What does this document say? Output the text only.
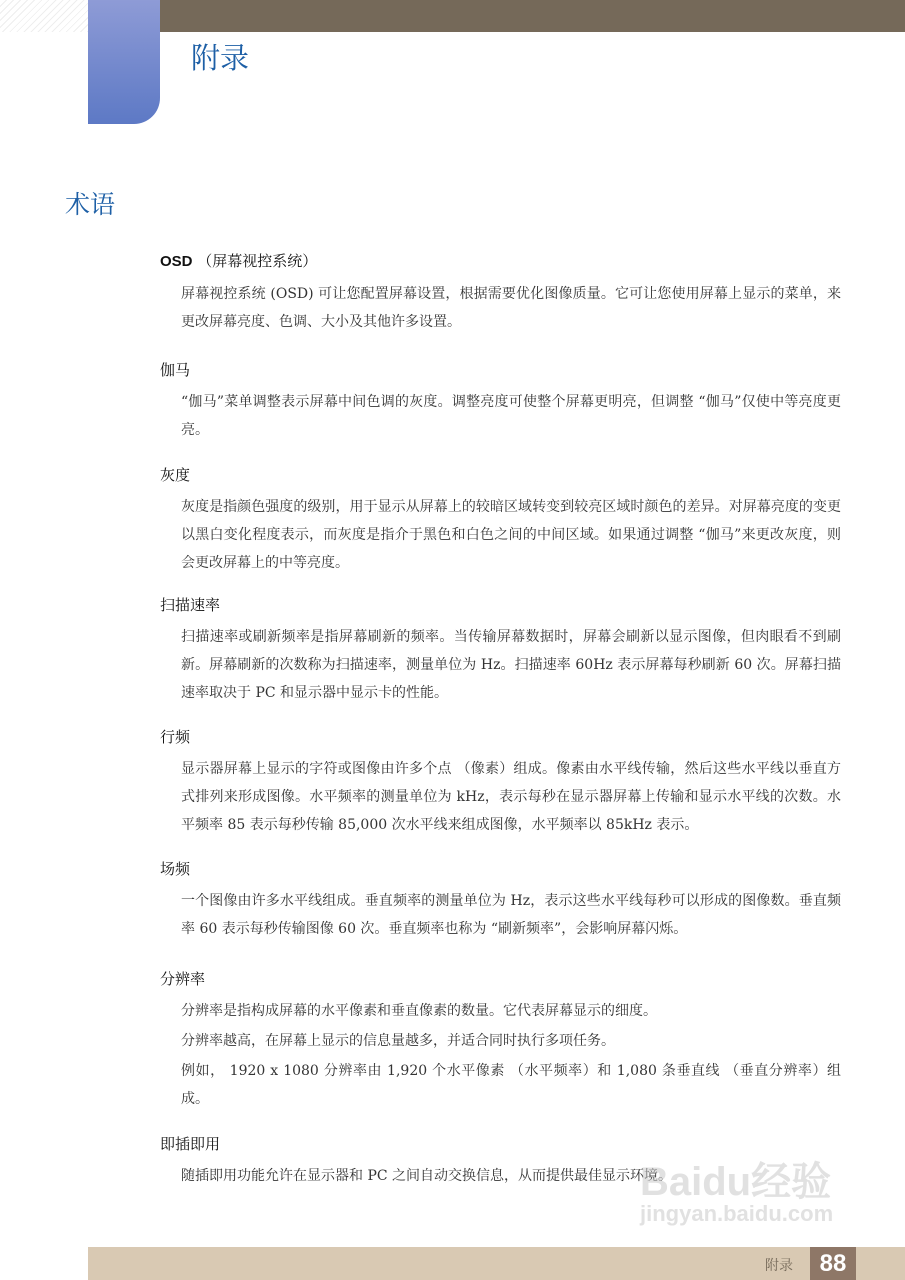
附录
术语
OSD （屏幕视控系统）

屏幕视控系统 (OSD) 可让您配置屏幕设置，根据需要优化图像质量。它可让您使用屏幕上显示的菜单，来更改屏幕亮度、色调、大小及其他许多设置。

伽马

“伽马”菜单调整表示屏幕中间色调的灰度。调整亮度可使整个屏幕更明亮，但调整 “伽马”仅使中等亮度更亮。

灰度

灰度是指颜色强度的级别，用于显示从屏幕上的较暗区域转变到较亮区域时颜色的差异。对屏幕亮度的变更以黑白变化程度表示，而灰度是指介于黑色和白色之间的中间区域。如果通过调整 “伽马”来更改灰度，则会更改屏幕上的中等亮度。

扫描速率

扫描速率或刷新频率是指屏幕刷新的频率。当传输屏幕数据时，屏幕会刷新以显示图像，但肉眼看不到刷新。屏幕刷新的次数称为扫描速率，测量单位为 Hz。扫描速率 60Hz 表示屏幕每秒刷新 60 次。屏幕扫描速率取决于 PC 和显示器中显示卡的性能。

行频

显示器屏幕上显示的字符或图像由许多个点 （像素）组成。像素由水平线传输，然后这些水平线以垂直方式排列来形成图像。水平频率的测量单位为 kHz，表示每秒在显示器屏幕上传输和显示水平线的次数。水平频率 85 表示每秒传输 85,000 次水平线来组成图像，水平频率以 85kHz 表示。

场频

一个图像由许多水平线组成。垂直频率的测量单位为 Hz，表示这些水平线每秒可以形成的图像数。垂直频率 60 表示每秒传输图像 60 次。垂直频率也称为 “刷新频率”，会影响屏幕闪烁。

分辨率

分辨率是指构成屏幕的水平像素和垂直像素的数量。它代表屏幕显示的细度。

分辨率越高，在屏幕上显示的信息量越多，并适合同时执行多项任务。

例如， 1920 x 1080 分辨率由 1,920 个水平像素 （水平频率）和 1,080 条垂直线 （垂直分辨率）组成。

即插即用

随插即用功能允许在显示器和 PC 之间自动交换信息，从而提供最佳显示环境。

Baidu经验
jingyan.baidu.com
附录	88
